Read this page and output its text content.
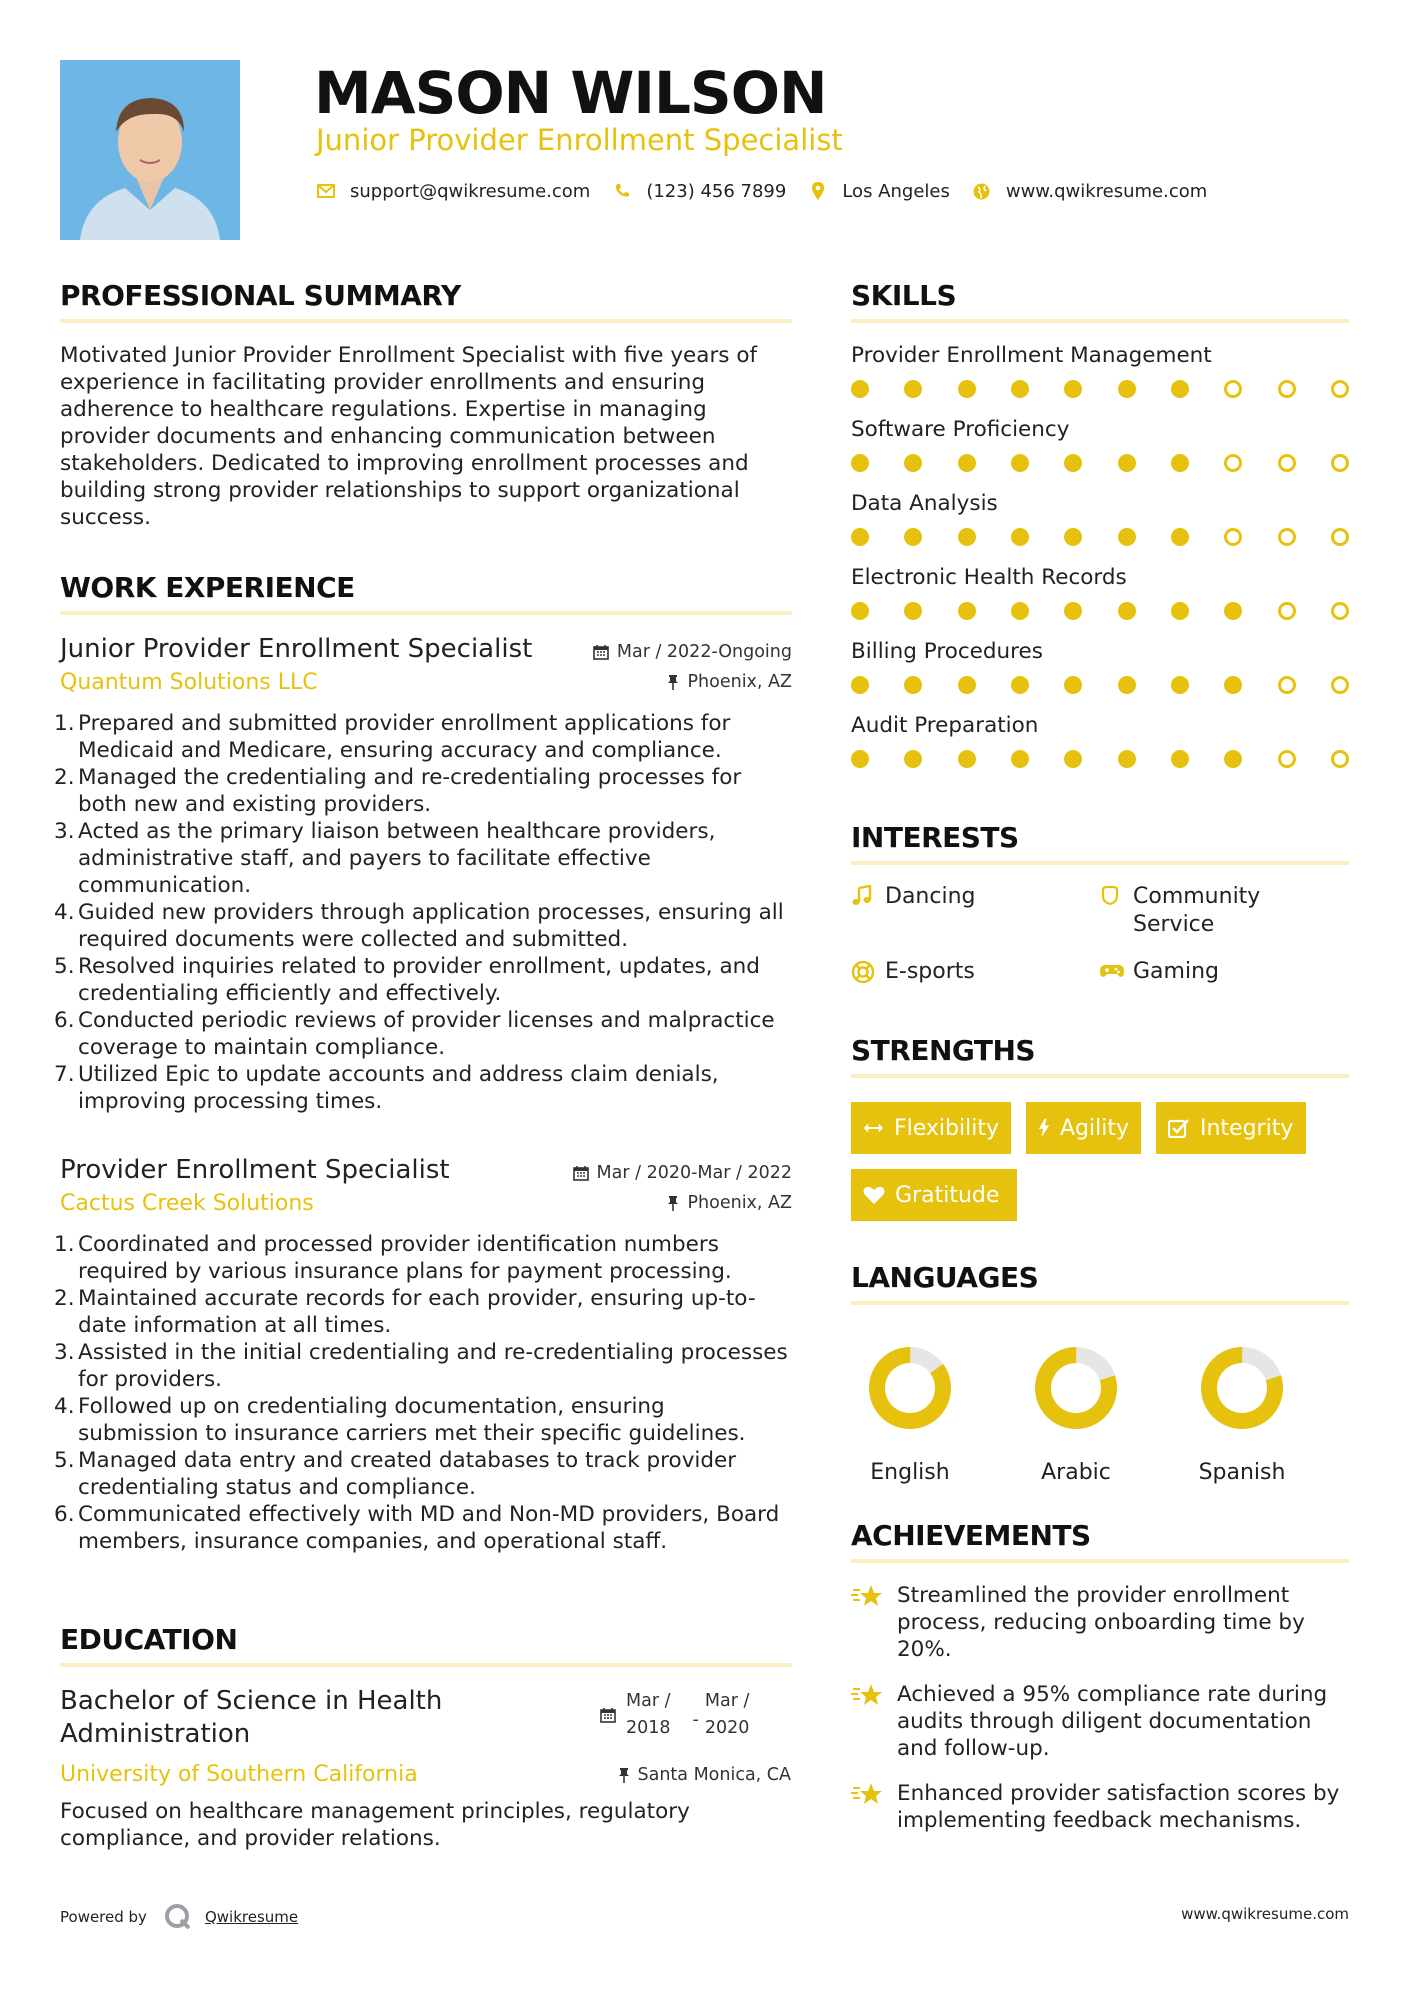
MASON WILSON
Junior Provider Enrollment Specialist
support@qwikresume.com	(123) 456 7899	Los Angeles	www.qwikresume.com
PROFESSIONAL SUMMARY
Motivated Junior Provider Enrollment Specialist with five years of experience in facilitating provider enrollments and ensuring adherence to healthcare regulations. Expertise in managing provider documents and enhancing communication between stakeholders. Dedicated to improving enrollment processes and building strong provider relationships to support organizational success.
WORK EXPERIENCE
Junior Provider Enrollment Specialist	Mar / 2022-Ongoing
Quantum Solutions LLC	Phoenix, AZ
Prepared and submitted provider enrollment applications for Medicaid and Medicare, ensuring accuracy and compliance.
Managed the credentialing and re-credentialing processes for both new and existing providers.
Acted as the primary liaison between healthcare providers, administrative staff, and payers to facilitate effective communication.
Guided new providers through application processes, ensuring all required documents were collected and submitted.
Resolved inquiries related to provider enrollment, updates, and credentialing efficiently and effectively.
Conducted periodic reviews of provider licenses and malpractice coverage to maintain compliance.
Utilized Epic to update accounts and address claim denials, improving processing times.
Provider Enrollment Specialist	Mar / 2020-Mar / 2022
Cactus Creek Solutions	Phoenix, AZ
Coordinated and processed provider identification numbers required by various insurance plans for payment processing.
Maintained accurate records for each provider, ensuring up-to-date information at all times.
Assisted in the initial credentialing and re-credentialing processes for providers.
Followed up on credentialing documentation, ensuring submission to insurance carriers met their specific guidelines.
Managed data entry and created databases to track provider credentialing status and compliance.
Communicated effectively with MD and Non-MD providers, Board members, insurance companies, and operational staff.
EDUCATION
Bachelor of Science in Health
Administration
Mar /
2018 -
Mar /
2020
University of Southern California	Santa Monica, CA
Focused on healthcare management principles, regulatory compliance, and provider relations.
SKILLS
Provider Enrollment Management
Software Proficiency
Data Analysis
Electronic Health Records
Billing Procedures
Audit Preparation
INTERESTS
Dancing	Community Service
E-sports	Gaming
STRENGTHS
Flexibility	Agility	Integrity
Gratitude
LANGUAGES
English	Arabic	Spanish
ACHIEVEMENTS
Streamlined the provider enrollment process, reducing onboarding time by 20%.
Achieved a 95% compliance rate during audits through diligent documentation and follow-up.
Enhanced provider satisfaction scores by implementing feedback mechanisms.
Powered by	Qwikresume	www.qwikresume.com
